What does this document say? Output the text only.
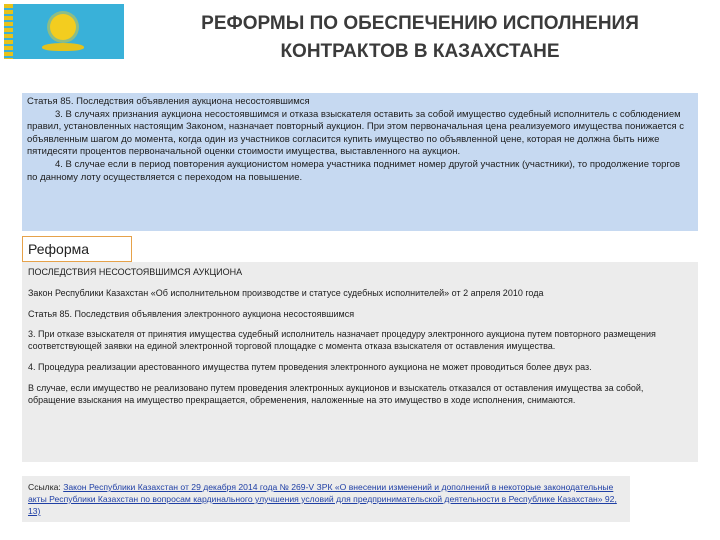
РЕФОРМЫ ПО ОБЕСПЕЧЕНИЮ ИСПОЛНЕНИЯ
КОНТРАКТОВ В КАЗАХСТАНЕ

Статья 85. Последствия объявления аукциона несостоявшимся

3. В случаях признания аукциона несостоявшимся и отказа взыскателя оставить за собой имущество судебный исполнитель с соблюдением правил, установленных настоящим Законом, назначает повторный аукцион. При этом первоначальная цена реализуемого имущества понижается с объявленным шагом до момента, когда один из участников согласится купить имущество по объявленной цене, которая не должна быть ниже пятидесяти процентов первоначальной оценки стоимости имущества, выставленного на аукцион.

4. В случае если в период повторения аукционистом номера участника поднимет номер другой участник (участники), то продолжение торгов по данному лоту осуществляется с переходом на повышение.

Реформа

ПОСЛЕДСТВИЯ НЕСОСТОЯВШИМСЯ АУКЦИОНА

Закон Республики Казахстан «Об исполнительном производстве и статусе судебных исполнителей» от 2 апреля 2010 года

Статья 85. Последствия объявления электронного аукциона несостоявшимся

3. При отказе взыскателя от принятия имущества судебный исполнитель назначает процедуру электронного аукциона путем повторного размещения соответствующей заявки на единой электронной торговой площадке с момента отказа взыскателя от оставления имущества.

4. Процедура реализации арестованного имущества путем проведения электронного аукциона не может проводиться более двух раз.

В случае, если имущество не реализовано путем проведения электронных аукционов и взыскатель отказался от оставления имущества за собой, обращение взыскания на имущество прекращается, обременения, наложенные на это имущество в ходе исполнения, снимаются.

Ссылка: Закон Республики Казахстан от 29 декабря 2014 года № 269-V ЗРК «О внесении изменений и дополнений в некоторые законодательные акты Республики Казахстан по вопросам кардинального улучшения условий для предпринимательской деятельности в Республике Казахстан» 92, 13)
